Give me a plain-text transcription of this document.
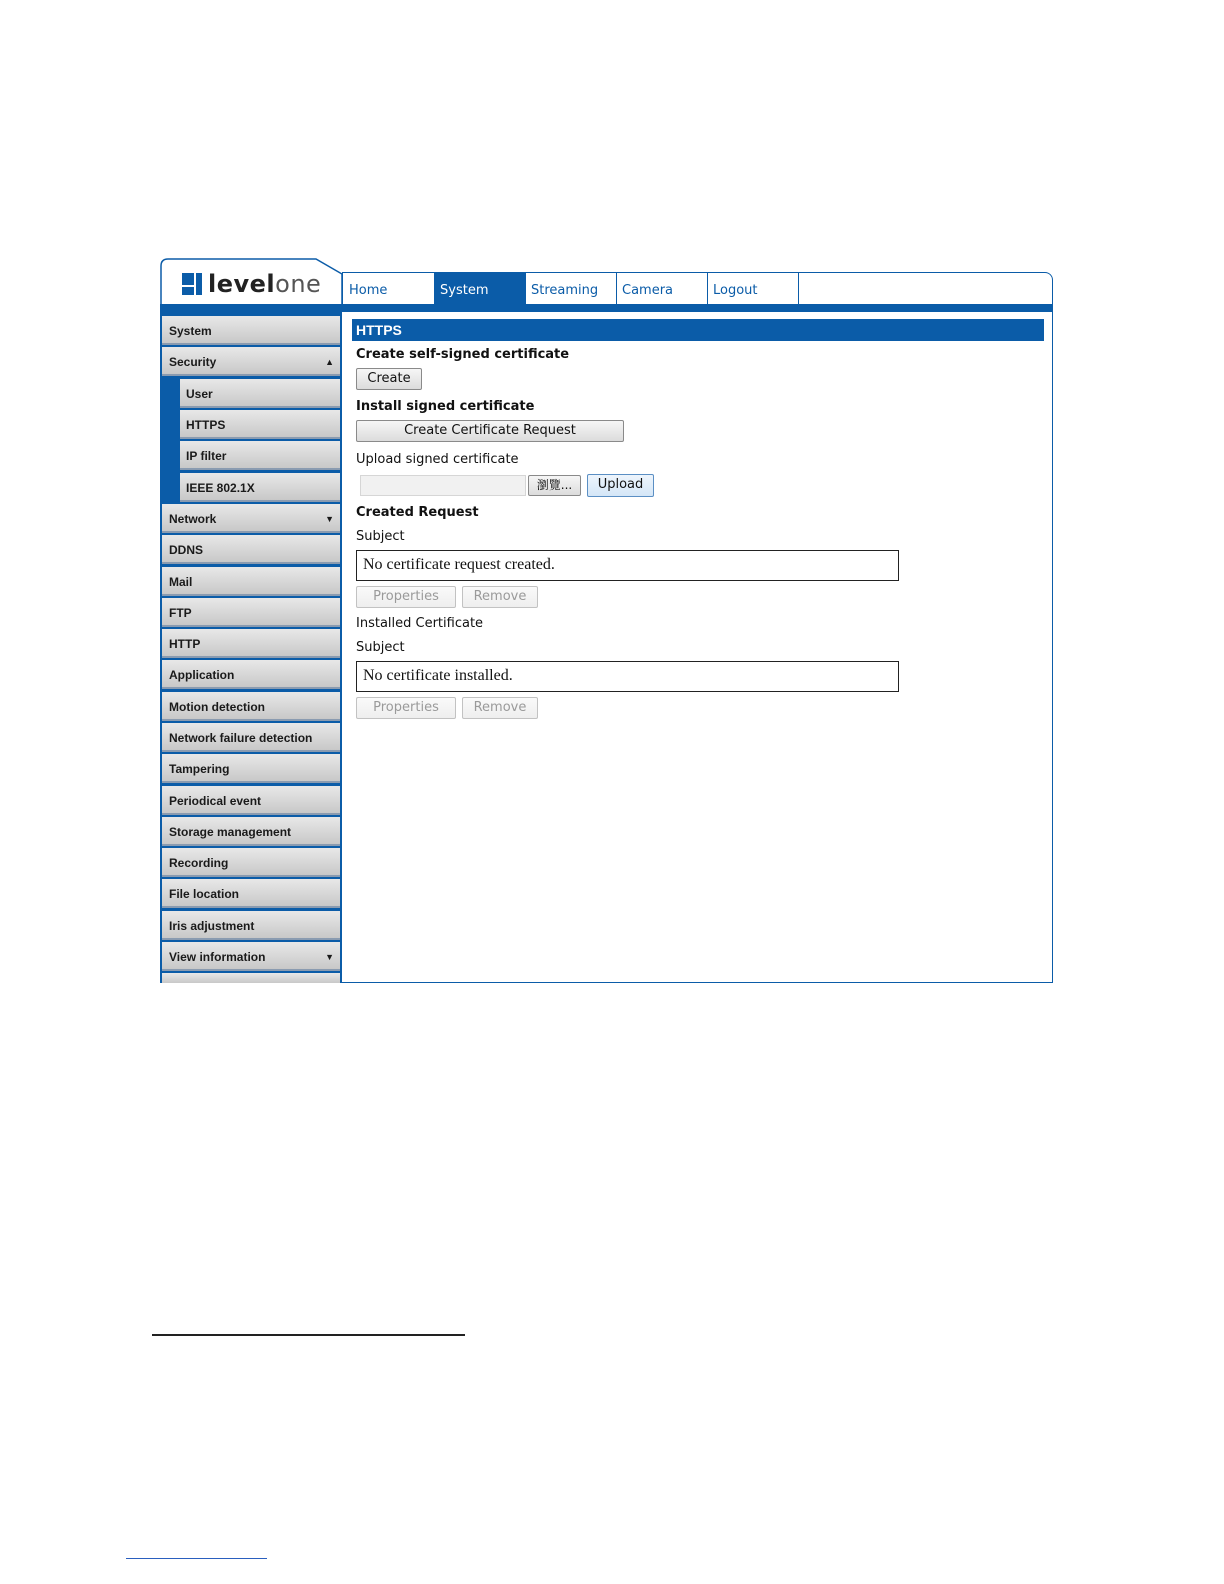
levelone	Home	System	Streaming	Camera	Logout
System
Security	▲
User
HTTPS
IP filter
IEEE 802.1X
Network	▼
DDNS
Mail
FTP
HTTP
Application
Motion detection
Network failure detection
Tampering
Periodical event
Storage management
Recording
File location
Iris adjustment
View information	▼
HTTPS
Create self-signed certificate
Create
Install signed certificate
Create Certificate Request
Upload signed certificate
瀏覽...	Upload
Created Request
Subject
No certificate request created.
Properties	Remove
Installed Certificate
Subject
No certificate installed.
Properties	Remove
